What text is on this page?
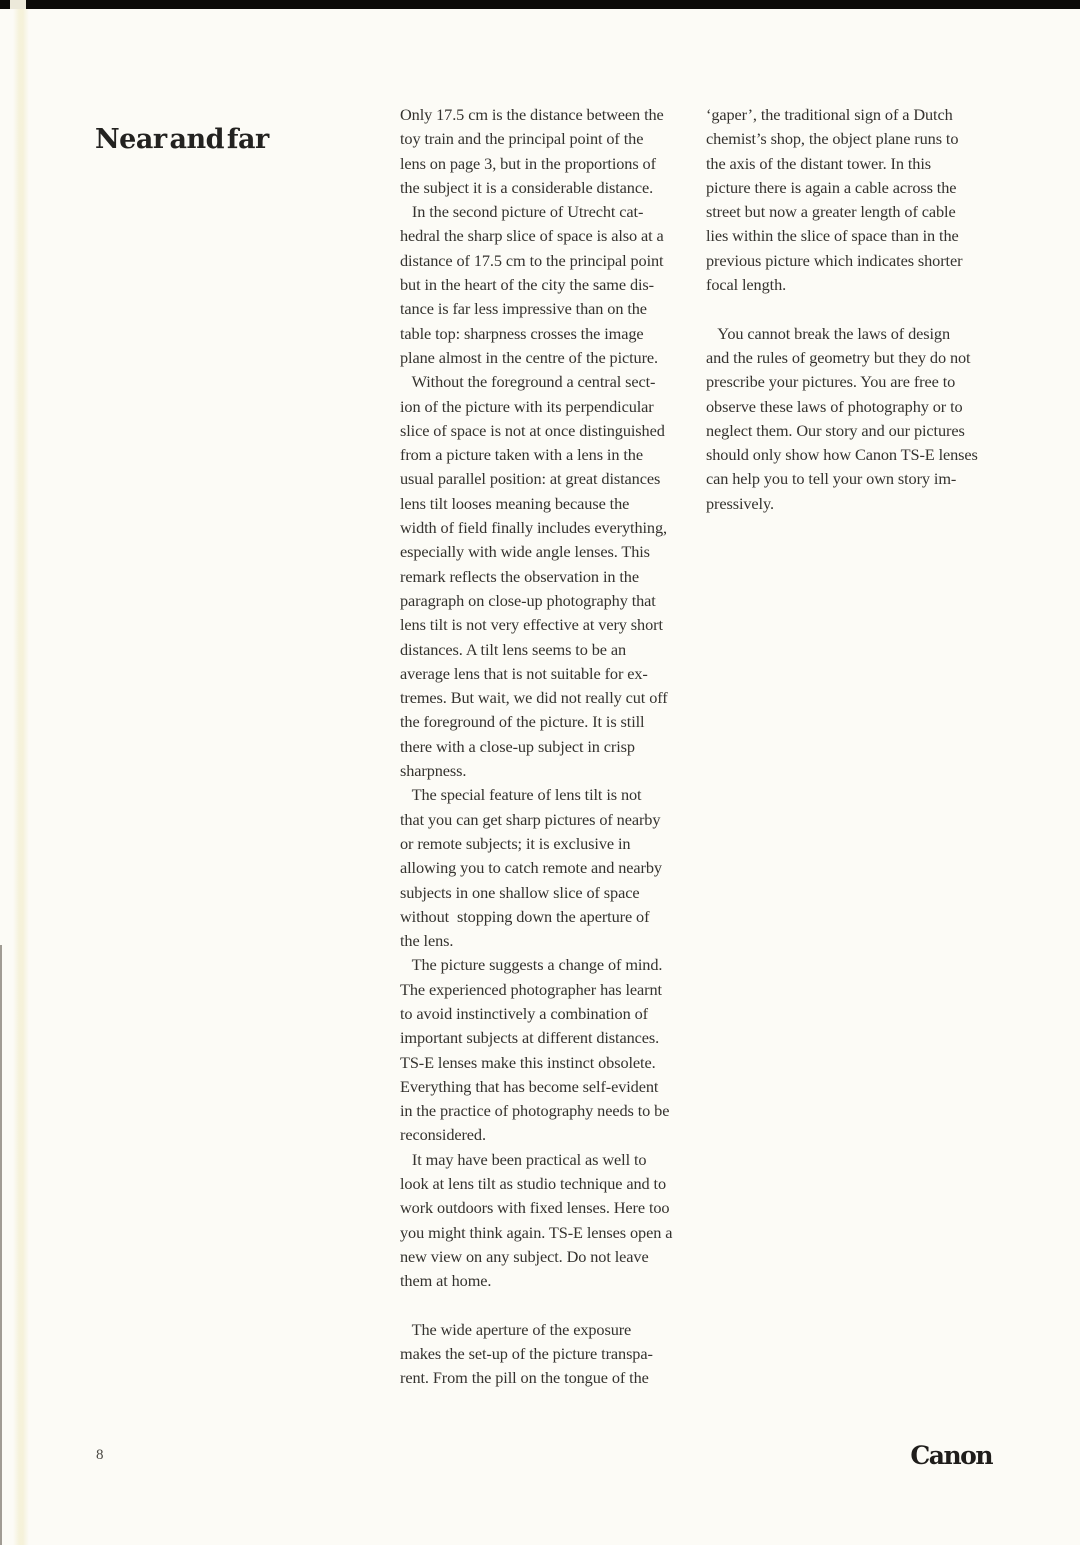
Near and far
Only 17.5 cm is the distance between the
toy train and the principal point of the
lens on page 3, but in the proportions of
the subject it is a considerable distance.
In the second picture of Utrecht cat-
hedral the sharp slice of space is also at a
distance of 17.5 cm to the principal point
but in the heart of the city the same dis-
tance is far less impressive than on the
table top: sharpness crosses the image
plane almost in the centre of the picture.
Without the foreground a central sect-
ion of the picture with its perpendicular
slice of space is not at once distinguished
from a picture taken with a lens in the
usual parallel position: at great distances
lens tilt looses meaning because the
width of field finally includes everything,
especially with wide angle lenses. This
remark reflects the observation in the
paragraph on close-up photography that
lens tilt is not very effective at very short
distances. A tilt lens seems to be an
average lens that is not suitable for ex-
tremes. But wait, we did not really cut off
the foreground of the picture. It is still
there with a close-up subject in crisp
sharpness.
The special feature of lens tilt is not
that you can get sharp pictures of nearby
or remote subjects; it is exclusive in
allowing you to catch remote and nearby
subjects in one shallow slice of space
without  stopping down the aperture of
the lens.
The picture suggests a change of mind.
The experienced photographer has learnt
to avoid instinctively a combination of
important subjects at different distances.
TS-E lenses make this instinct obsolete.
Everything that has become self-evident
in the practice of photography needs to be
reconsidered.
It may have been practical as well to
look at lens tilt as studio technique and to
work outdoors with fixed lenses. Here too
you might think again. TS-E lenses open a
new view on any subject. Do not leave
them at home.
The wide aperture of the exposure
makes the set-up of the picture transpa-
rent. From the pill on the tongue of the
‘gaper’, the traditional sign of a Dutch
chemist’s shop, the object plane runs to
the axis of the distant tower. In this
picture there is again a cable across the
street but now a greater length of cable
lies within the slice of space than in the
previous picture which indicates shorter
focal length.
You cannot break the laws of design
and the rules of geometry but they do not
prescribe your pictures. You are free to
observe these laws of photography or to
neglect them. Our story and our pictures
should only show how Canon TS-E lenses
can help you to tell your own story im-
pressively.
8	Canon
